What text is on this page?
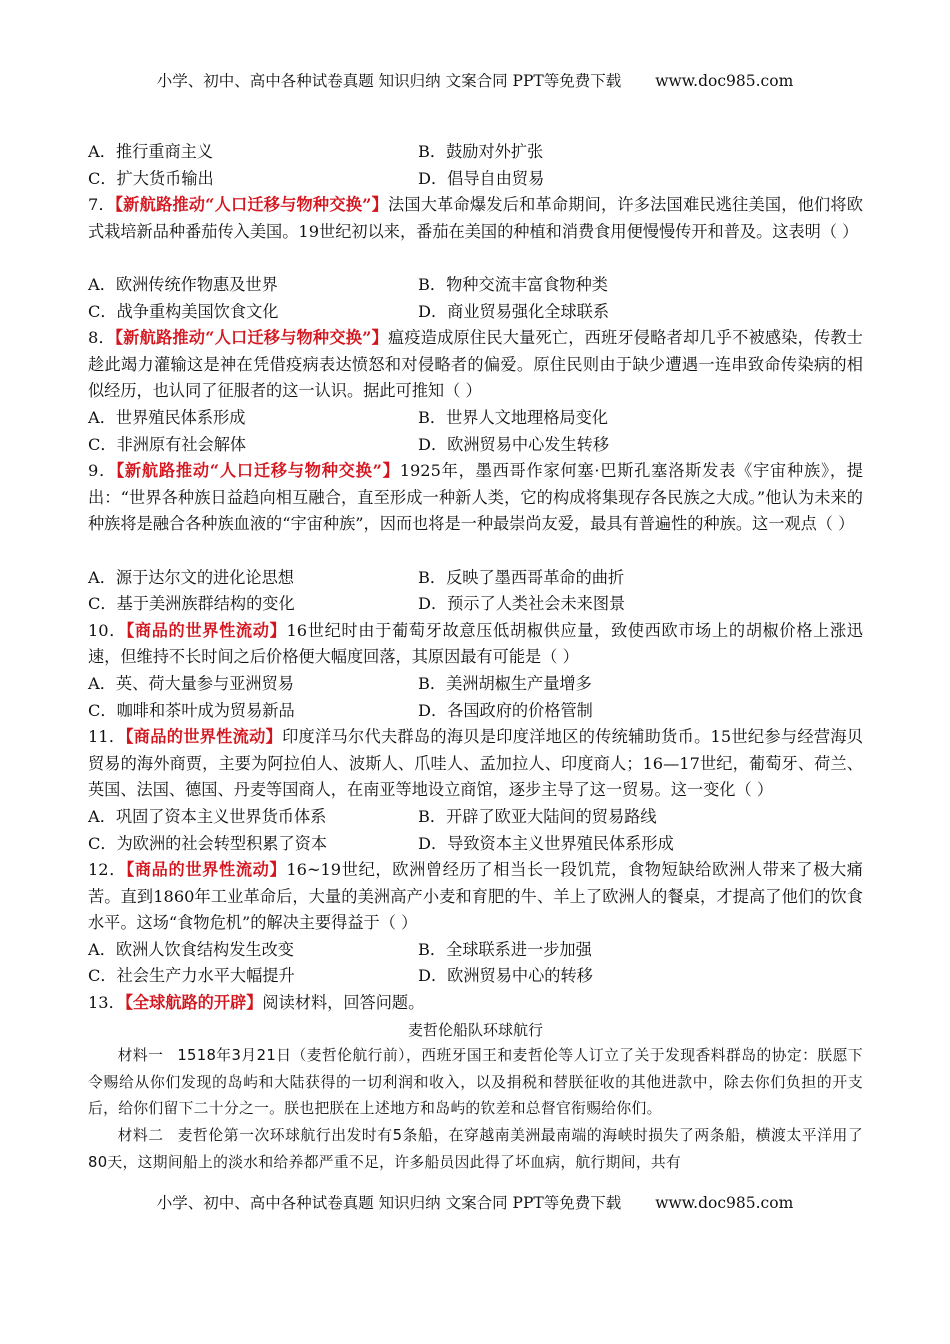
小学、初中、高中各种试卷真题 知识归纳 文案合同 PPT等免费下载 www.doc985.com
A．推行重商主义	B．鼓励对外扩张
C．扩大货币输出	D．倡导自由贸易
7．【新航路推动“人口迁移与物种交换”】法国大革命爆发后和革命期间，许多法国难民逃往美国，他们将欧式栽培新品种番茄传入美国。19世纪初以来，番茄在美国的种植和消费食用便慢慢传开和普及。这表明（ ）
A．欧洲传统作物惠及世界	B．物种交流丰富食物种类
C．战争重构美国饮食文化	D．商业贸易强化全球联系
8．【新航路推动“人口迁移与物种交换”】瘟疫造成原住民大量死亡，西班牙侵略者却几乎不被感染，传教士趁此竭力灌输这是神在凭借疫病表达愤怒和对侵略者的偏爱。原住民则由于缺少遭遇一连串致命传染病的相似经历，也认同了征服者的这一认识。据此可推知（ ）
A．世界殖民体系形成	B．世界人文地理格局变化
C．非洲原有社会解体	D．欧洲贸易中心发生转移
9．【新航路推动“人口迁移与物种交换”】1925年，墨西哥作家何塞·巴斯孔塞洛斯发表《宇宙种族》，提出：“世界各种族日益趋向相互融合，直至形成一种新人类，它的构成将集现存各民族之大成。”他认为未来的种族将是融合各种族血液的“宇宙种族”，因而也将是一种最崇尚友爱，最具有普遍性的种族。这一观点（ ）
A．源于达尔文的进化论思想	B．反映了墨西哥革命的曲折
C．基于美洲族群结构的变化	D．预示了人类社会未来图景
10．【商品的世界性流动】16世纪时由于葡萄牙故意压低胡椒供应量，致使西欧市场上的胡椒价格上涨迅速，但维持不长时间之后价格便大幅度回落，其原因最有可能是（ ）
A．英、荷大量参与亚洲贸易	B．美洲胡椒生产量增多
C．咖啡和茶叶成为贸易新品	D．各国政府的价格管制
11．【商品的世界性流动】印度洋马尔代夫群岛的海贝是印度洋地区的传统辅助货币。15世纪参与经营海贝贸易的海外商贾，主要为阿拉伯人、波斯人、爪哇人、孟加拉人、印度商人；16—17世纪，葡萄牙、荷兰、英国、法国、德国、丹麦等国商人，在南亚等地设立商馆，逐步主导了这一贸易。这一变化（ ）
A．巩固了资本主义世界货币体系	B．开辟了欧亚大陆间的贸易路线
C．为欧洲的社会转型积累了资本	D．导致资本主义世界殖民体系形成
12．【商品的世界性流动】16~19世纪，欧洲曾经历了相当长一段饥荒，食物短缺给欧洲人带来了极大痛苦。直到1860年工业革命后，大量的美洲高产小麦和育肥的牛、羊上了欧洲人的餐桌，才提高了他们的饮食水平。这场“食物危机”的解决主要得益于（ ）
A．欧洲人饮食结构发生改变	B．全球联系进一步加强
C．社会生产力水平大幅提升	D．欧洲贸易中心的转移
13．【全球航路的开辟】阅读材料，回答问题。
麦哲伦船队环球航行
材料一 1518年3月21日（麦哲伦航行前），西班牙国王和麦哲伦等人订立了关于发现香料群岛的协定：朕愿下令赐给从你们发现的岛屿和大陆获得的一切利润和收入，以及捐税和替朕征收的其他进款中，除去你们负担的开支后，给你们留下二十分之一。朕也把朕在上述地方和岛屿的钦差和总督官衔赐给你们。
材料二 麦哲伦第一次环球航行出发时有5条船，在穿越南美洲最南端的海峡时损失了两条船，横渡太平洋用了80天，这期间船上的淡水和给养都严重不足，许多船员因此得了坏血病，航行期间，共有
小学、初中、高中各种试卷真题 知识归纳 文案合同 PPT等免费下载 www.doc985.com
